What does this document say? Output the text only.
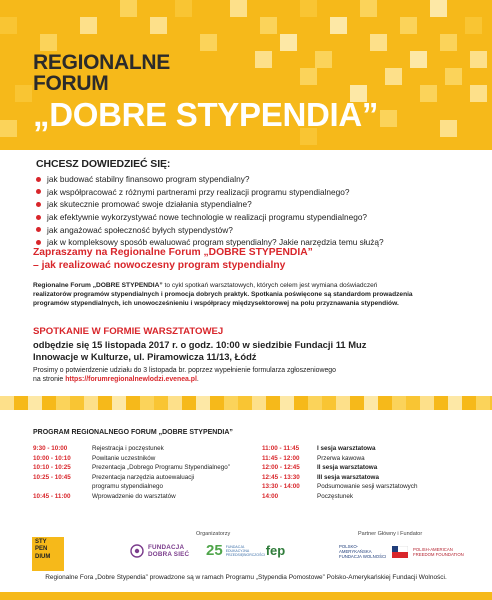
REGIONALNE
FORUM
„DOBRE STYPENDIA”
CHCESZ DOWIEDZIEĆ SIĘ:
jak budować stabilny finansowo program stypendialny?
jak współpracować z różnymi partnerami przy realizacji programu stypendialnego?
jak skutecznie promować swoje działania stypendialne?
jak efektywnie wykorzystywać nowe technologie w realizacji programu stypendialnego?
jak angażować społeczność byłych stypendystów?
jak w kompleksowy sposób ewaluować program stypendialny? Jakie narzędzia temu służą?
Zapraszamy na Regionalne Forum „DOBRE STYPENDIA”
– jak realizować nowoczesny program stypendialny
Regionalne Forum „DOBRE STYPENDIA” to cykl spotkań warsztatowych, których celem jest wymiana doświadczeń
realizatorów programów stypendialnych i promocja dobrych praktyk. Spotkania poświęcone są standardom prowadzenia
programów stypendialnych, ich unowocześnieniu i współpracy międzysektorowej na polu przyznawania stypendiów.
SPOTKANIE W FORMIE WARSZTATOWEJ
odbędzie się 15 listopada 2017 r. o godz. 10:00 w siedzibie Fundacji 11 Muz
Innowacje w Kulturze, ul. Piramowicza 11/13, Łódź
Prosimy o potwierdzenie udziału do 3 listopada br. poprzez wypełnienie formularza zgłoszeniowego
na stronie https://forumregionalnewlodzi.evenea.pl.
PROGRAM REGIONALNEGO FORUM „DOBRE STYPENDIA”
9:30 - 10:00	Rejestracja i poczęstunek
10:00 - 10:10	Powitanie uczestników
10:10 - 10:25	Prezentacja „Dobrego Programu Stypendialnego”
10:25 - 10:45	Prezentacja narzędzia autoewaluacji
programu stypendialnego
10:45 - 11:00	Wprowadzenie do warsztatów
11:00 - 11:45	I sesja warsztatowa
11:45 - 12:00	Przerwa kawowa
12:00 - 12:45	II sesja warsztatowa
12:45 - 13:30	III sesja warsztatowa
13:30 - 14:00	Podsumowanie sesji warsztatowych
14:00	Poczęstunek
Organizatorzy	Partner Główny i Fundator
STY
PEN
DIUM
FUNDACJA
DOBRA SIEĆ 25 FUNDACJA EDUKACYJNA PRZEDSIĘBIORCZOŚCI fep	POLSKO-AMERYKAŃSKA FUNDACJA WOLNOŚCI
POLISH-AMERICAN FREEDOM FOUNDATION
Regionalne Fora „Dobre Stypendia” prowadzone są w ramach Programu „Stypendia Pomostowe” Polsko-Amerykańskiej Fundacji Wolności.
